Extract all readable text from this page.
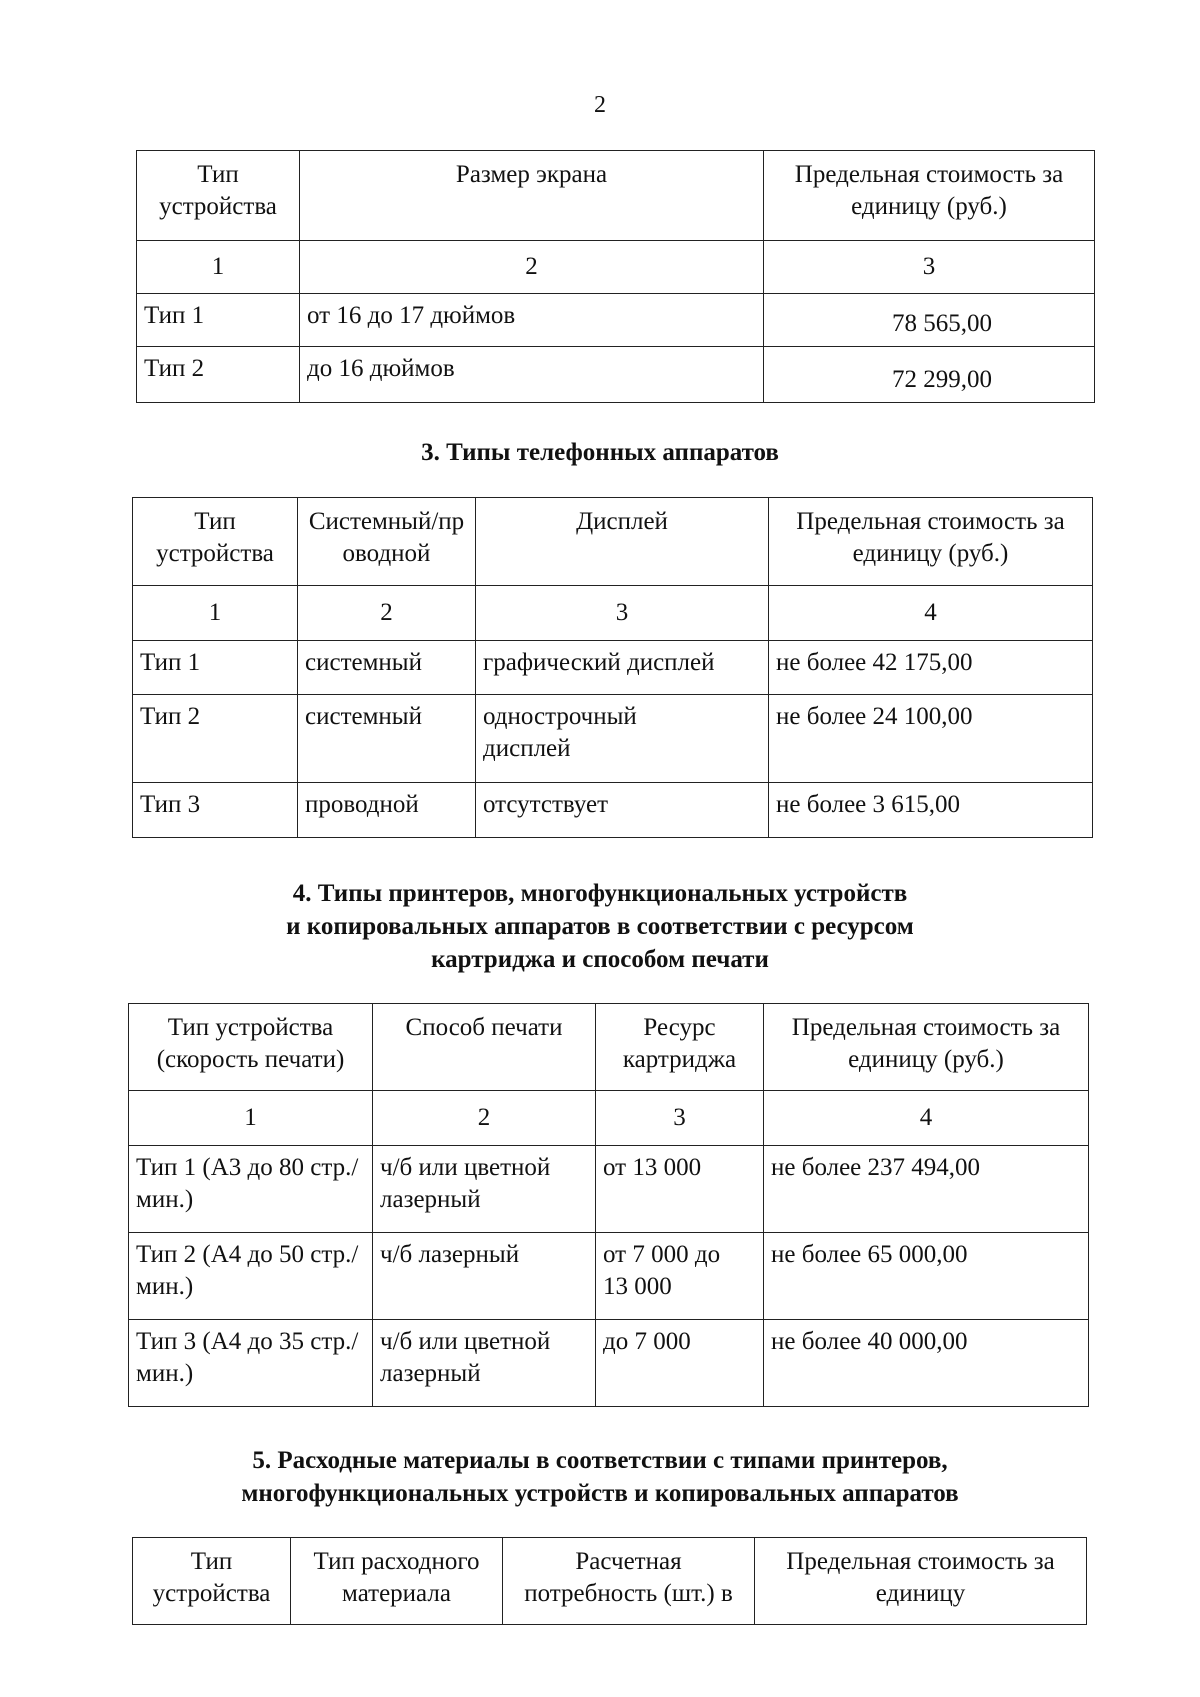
2
Тип устройства	Размер экрана	Предельная стоимость за единицу (руб.)
1	2	3
Тип 1	от 16 до 17 дюймов	78 565,00
Тип 2	до 16 дюймов	72 299,00
3. Типы телефонных аппаратов
Тип устройства	Системный/проводной	Дисплей	Предельная стоимость за единицу (руб.)
1	2	3	4
Тип 1	системный	графический дисплей	не более 42 175,00
Тип 2	системный	однострочный дисплей	не более 24 100,00
Тип 3	проводной	отсутствует	не более 3 615,00
4. Типы принтеров, многофункциональных устройств
и копировальных аппаратов в соответствии с ресурсом
картриджа и способом печати
Тип устройства (скорость печати)	Способ печати	Ресурс картриджа	Предельная стоимость за единицу (руб.)
1	2	3	4
Тип 1 (А3 до 80 стр./мин.)	ч/б или цветной лазерный	от 13 000	не более 237 494,00
Тип 2 (А4 до 50 стр./мин.)	ч/б лазерный	от 7 000 до 13 000	не более 65 000,00
Тип 3 (А4 до 35 стр./мин.)	ч/б или цветной лазерный	до 7 000	не более 40 000,00
5. Расходные материалы в соответствии с типами принтеров,
многофункциональных устройств и копировальных аппаратов
Тип устройства	Тип расходного материала	Расчетная потребность (шт.) в	Предельная стоимость за единицу
